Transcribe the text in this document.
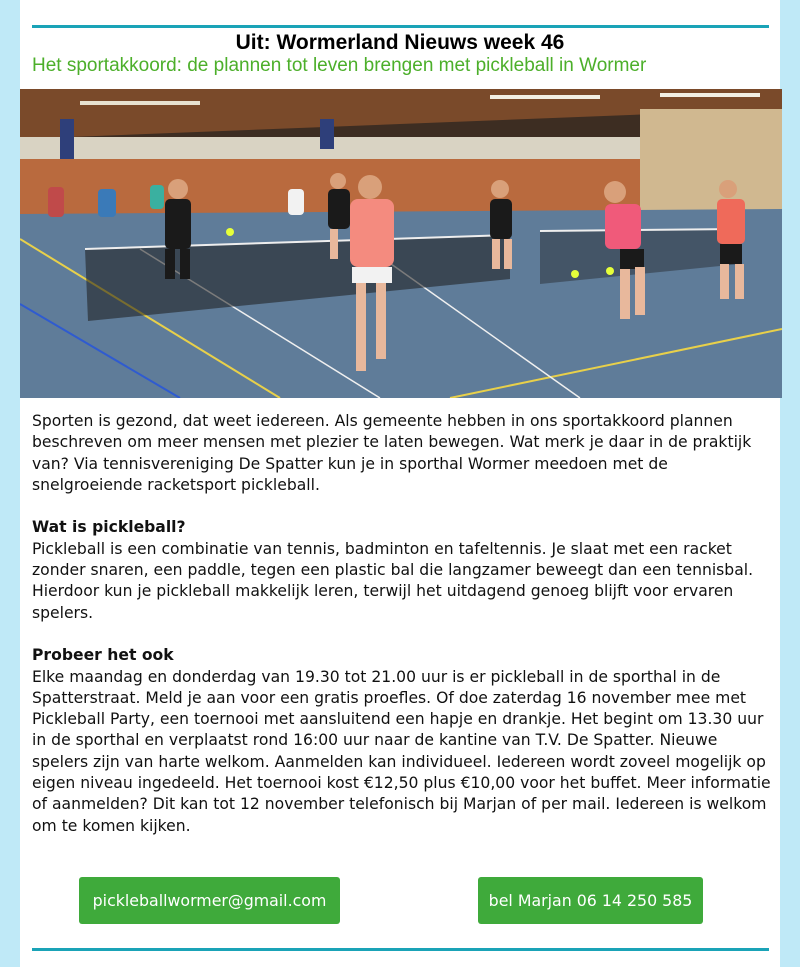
Uit: Wormerland Nieuws week 46
Het sportakkoord: de plannen tot leven brengen met pickleball in Wormer

Sporten is gezond, dat weet iedereen. Als gemeente hebben in ons sportakkoord plannen beschreven om meer mensen met plezier te laten bewegen. Wat merk je daar in de praktijk van? Via tennisvereniging De Spatter kun je in sporthal Wormer meedoen met de snelgroeiende racketsport pickleball.

Wat is pickleball?

Pickleball is een combinatie van tennis, badminton en tafeltennis. Je slaat met een racket zonder snaren, een paddle, tegen een plastic bal die langzamer beweegt dan een tennisbal. Hierdoor kun je pickleball makkelijk leren, terwijl het uitdagend genoeg blijft voor ervaren spelers.

Probeer het ook

Elke maandag en donderdag van 19.30 tot 21.00 uur is er pickleball in de sporthal in de Spatterstraat. Meld je aan voor een gratis proefles. Of doe zaterdag 16 november mee met Pickleball Party, een toernooi met aansluitend een hapje en drankje. Het begint om 13.30 uur in de sporthal en verplaatst rond 16:00 uur naar de kantine van T.V. De Spatter. Nieuwe spelers zijn van harte welkom. Aanmelden kan individueel. Iedereen wordt zoveel mogelijk op eigen niveau ingedeeld. Het toernooi kost €12,50 plus €10,00 voor het buffet. Meer informatie of aanmelden? Dit kan tot 12 november telefonisch bij Marjan of per mail. Iedereen is welkom om te komen kijken.

pickleballwormer@gmail.com	bel Marjan 06 14 250 585
